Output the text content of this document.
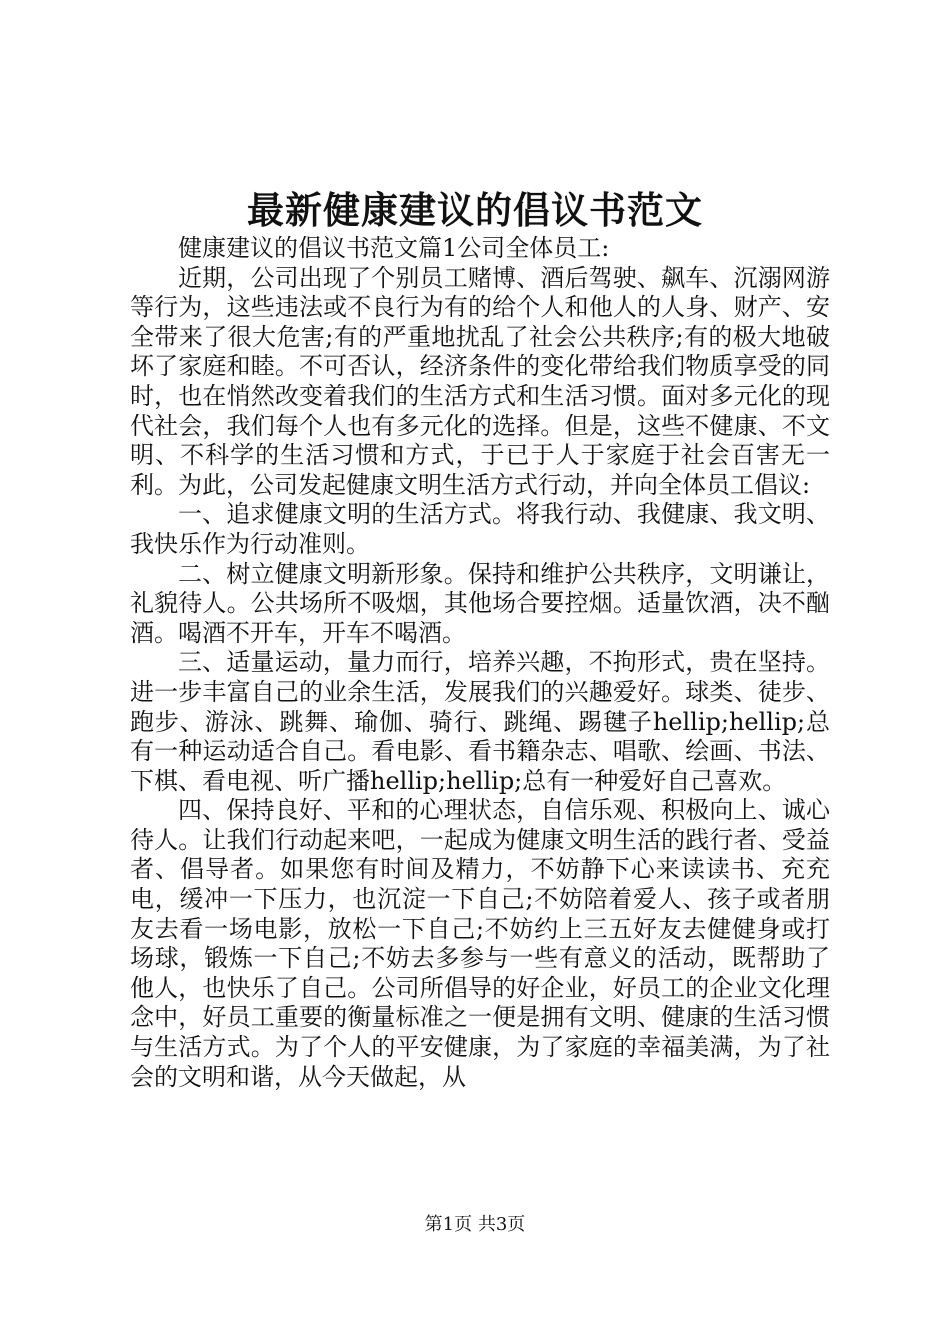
最新健康建议的倡议书范文

健康建议的倡议书范文篇1公司全体员工:

近期，公司出现了个别员工赌博、酒后驾驶、飙车、沉溺网游等行为，这些违法或不良行为有的给个人和他人的人身、财产、安全带来了很大危害;有的严重地扰乱了社会公共秩序;有的极大地破坏了家庭和睦。不可否认，经济条件的变化带给我们物质享受的同时，也在悄然改变着我们的生活方式和生活习惯。面对多元化的现代社会，我们每个人也有多元化的选择。但是，这些不健康、不文明、不科学的生活习惯和方式，于已于人于家庭于社会百害无一利。为此，公司发起健康文明生活方式行动，并向全体员工倡议:

一、追求健康文明的生活方式。将我行动、我健康、我文明、我快乐作为行动准则。

二、树立健康文明新形象。保持和维护公共秩序，文明谦让，礼貌待人。公共场所不吸烟，其他场合要控烟。适量饮酒，决不酗酒。喝酒不开车，开车不喝酒。

三、适量运动，量力而行，培养兴趣，不拘形式，贵在坚持。进一步丰富自己的业余生活，发展我们的兴趣爱好。球类、徒步、跑步、游泳、跳舞、瑜伽、骑行、跳绳、踢毽子hellip;hellip;总有一种运动适合自己。看电影、看书籍杂志、唱歌、绘画、书法、下棋、看电视、听广播hellip;hellip;总有一种爱好自己喜欢。

四、保持良好、平和的心理状态，自信乐观、积极向上、诚心待人。让我们行动起来吧，一起成为健康文明生活的践行者、受益者、倡导者。如果您有时间及精力，不妨静下心来读读书、充充电，缓冲一下压力，也沉淀一下自己;不妨陪着爱人、孩子或者朋友去看一场电影，放松一下自己;不妨约上三五好友去健健身或打场球，锻炼一下自己;不妨去多参与一些有意义的活动，既帮助了他人，也快乐了自己。公司所倡导的好企业，好员工的企业文化理念中，好员工重要的衡量标准之一便是拥有文明、健康的生活习惯与生活方式。为了个人的平安健康，为了家庭的幸福美满，为了社会的文明和谐，从今天做起，从

第1页 共3页
